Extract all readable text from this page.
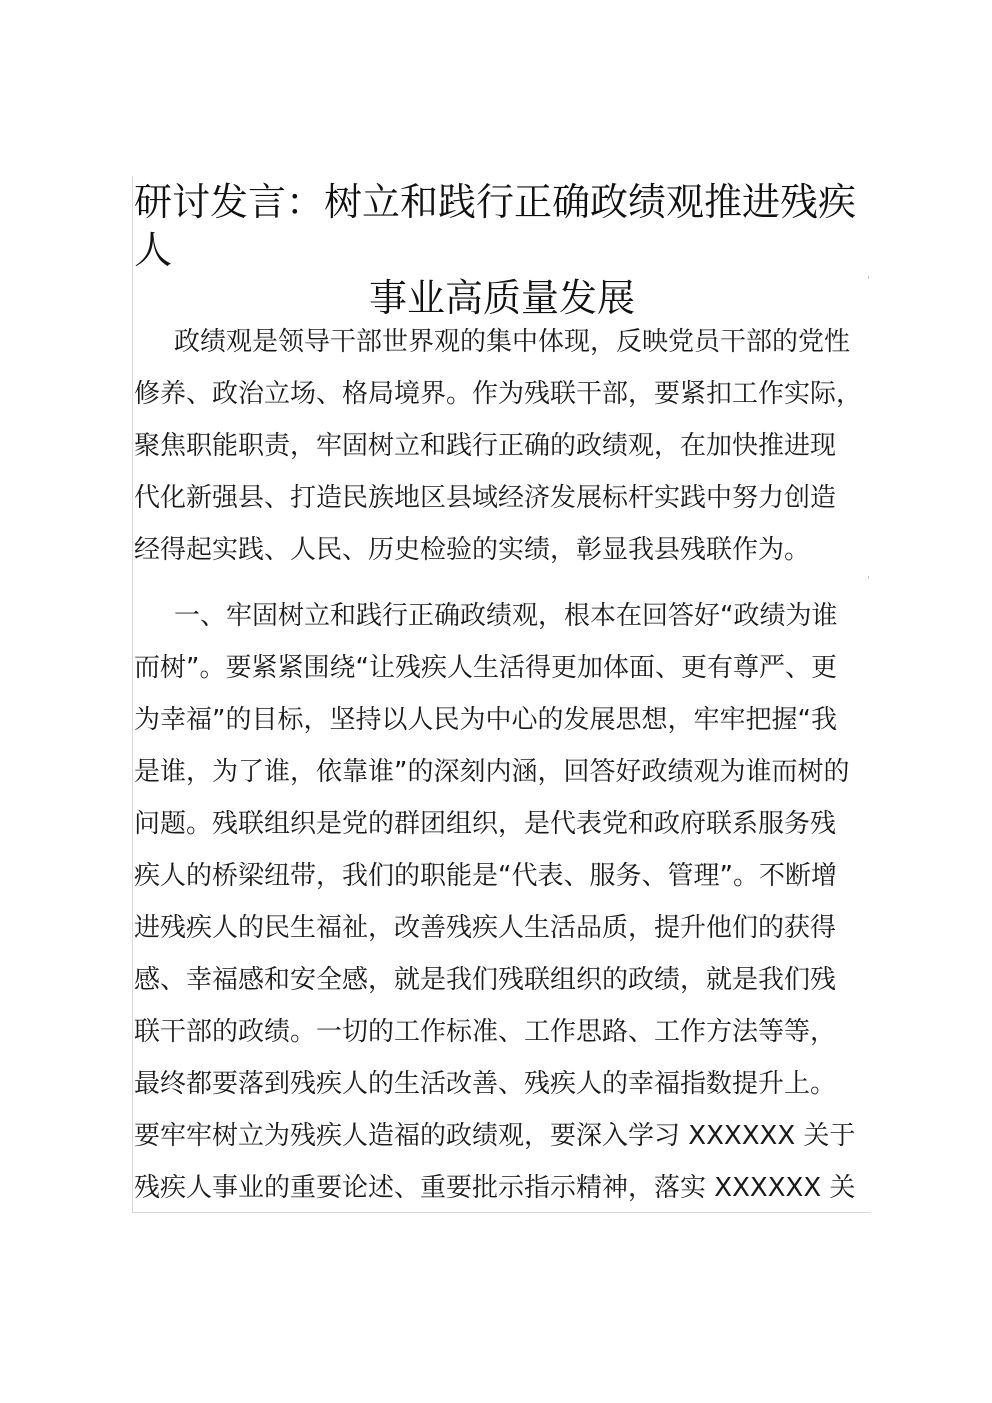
研讨发言：树立和践行正确政绩观推进残疾人
事业高质量发展
政绩观是领导干部世界观的集中体现，反映党员干部的党性
修养、政治立场、格局境界。作为残联干部，要紧扣工作实际，
聚焦职能职责，牢固树立和践行正确的政绩观，在加快推进现
代化新强县、打造民族地区县域经济发展标杆实践中努力创造
经得起实践、人民、历史检验的实绩，彰显我县残联作为。
一、牢固树立和践行正确政绩观，根本在回答好“政绩为谁
而树”。要紧紧围绕“让残疾人生活得更加体面、更有尊严、更
为幸福”的目标，坚持以人民为中心的发展思想，牢牢把握“我
是谁，为了谁，依靠谁”的深刻内涵，回答好政绩观为谁而树的
问题。残联组织是党的群团组织，是代表党和政府联系服务残
疾人的桥梁纽带，我们的职能是“代表、服务、管理”。不断增
进残疾人的民生福祉，改善残疾人生活品质，提升他们的获得
感、幸福感和安全感，就是我们残联组织的政绩，就是我们残
联干部的政绩。一切的工作标准、工作思路、工作方法等等，
最终都要落到残疾人的生活改善、残疾人的幸福指数提升上。
要牢牢树立为残疾人造福的政绩观，要深入学习 XXXXXX 关于
残疾人事业的重要论述、重要批示指示精神，落实 XXXXXX 关
